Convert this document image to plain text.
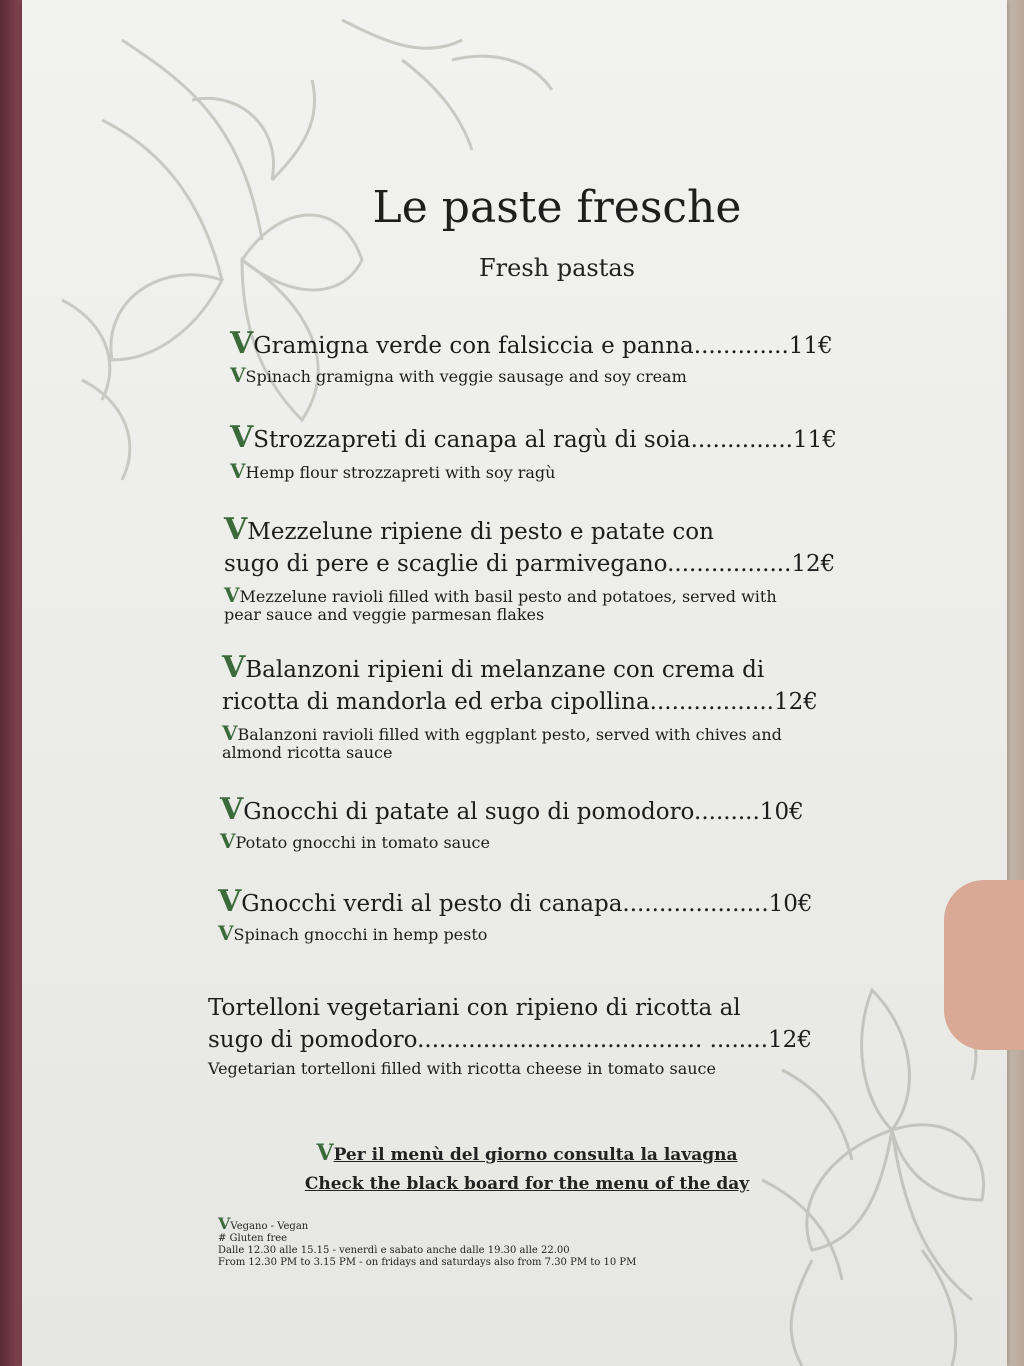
Le paste fresche
Fresh pastas
VGramigna verde con falsiccia e panna.............11€
VSpinach gramigna with veggie sausage and soy cream
VStrozzapreti di canapa al ragù di soia..............11€
VHemp flour strozzapreti with soy ragù
VMezzelune ripiene di pesto e patate con
sugo di pere e scaglie di parmivegano.................12€
VMezzelune ravioli filled with basil pesto and potatoes, served with
pear sauce and veggie parmesan flakes
VBalanzoni ripieni di melanzane con crema di
ricotta di mandorla ed erba cipollina.................12€
VBalanzoni ravioli filled with eggplant pesto, served with chives and
almond ricotta sauce
VGnocchi di patate al sugo di pomodoro.........10€
VPotato gnocchi in tomato sauce
VGnocchi verdi al pesto di canapa....................10€
VSpinach gnocchi in hemp pesto
Tortelloni vegetariani con ripieno di ricotta al
sugo di pomodoro....................................... ........12€
Vegetarian tortelloni filled with ricotta cheese in tomato sauce
VPer il menù del giorno consulta la lavagna
Check the black board for the menu of the day
VVegano - Vegan
# Gluten free
Dalle 12.30 alle 15.15 - venerdì e sabato anche dalle 19.30 alle 22.00
From 12.30 PM to 3.15 PM - on fridays and saturdays also from 7.30 PM to 10 PM
